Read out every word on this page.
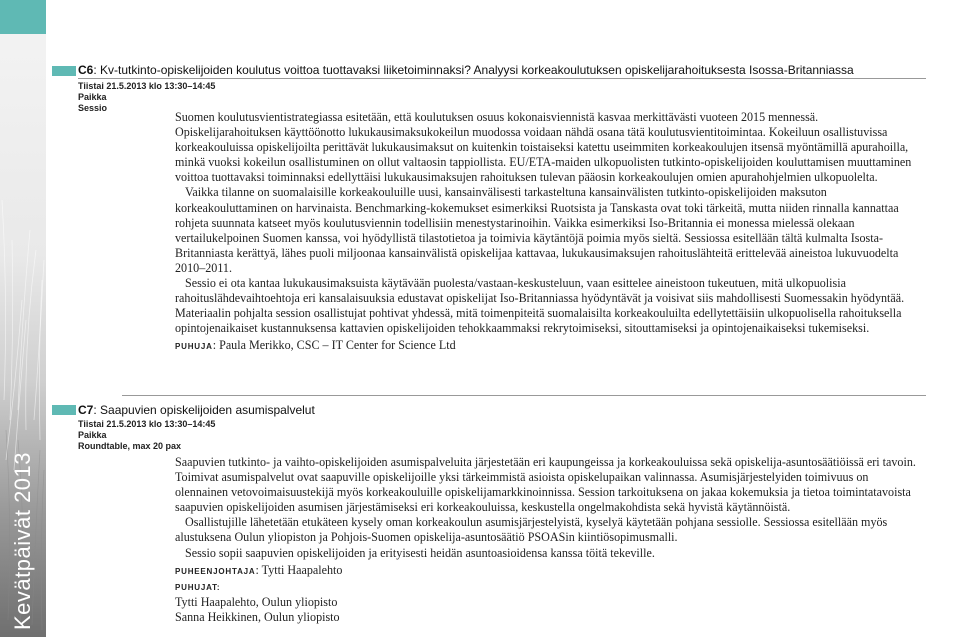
Kevätpäivät 2013
C6: Kv-tutkinto-opiskelijoiden koulutus voittoa tuottavaksi liiketoiminnaksi? Analyysi korkeakoulutuksen opiskelijarahoituksesta Isossa-Britanniassa
Tiistai 21.5.2013 klo 13:30–14:45
Paikka
Sessio

Suomen koulutusvientistrategiassa esitetään, että koulutuksen osuus kokonaisviennistä kasvaa merkittävästi vuoteen 2015 mennessä. Opiskelijarahoituksen käyttöönotto lukukausimaksukokeilun muodossa voidaan nähdä osana tätä koulutusvientitoimintaa. Kokeiluun osallistuvissa korkeakouluissa opiskelijoilta perittävät lukukausimaksut on kuitenkin toistaiseksi katettu useimmiten korkeakoulujen itsensä myöntämillä apurahoilla, minkä vuoksi kokeilun osallistuminen on ollut valtaosin tappiollista. EU/ETA-maiden ulkopuolisten tutkinto-opiskelijoiden kouluttamisen muuttaminen voittoa tuottavaksi toiminnaksi edellyttäisi lukukausimaksujen rahoituksen tulevan pääosin korkeakoulujen omien apurahohjelmien ulkopuolelta.

Vaikka tilanne on suomalaisille korkeakouluille uusi, kansainvälisesti tarkasteltuna kansainvälisten tutkinto-opiskelijoiden maksuton korkeakouluttaminen on harvinaista. Benchmarking-kokemukset esimerkiksi Ruotsista ja Tanskasta ovat toki tärkeitä, mutta niiden rinnalla kannattaa rohjeta suunnata katseet myös koulutusviennin todellisiin menestystarinoihin. Vaikka esimerkiksi Iso-Britannia ei monessa mielessä olekaan vertailukelpoinen Suomen kanssa, voi hyödyllistä tilastotietoa ja toimivia käytäntöjä poimia myös sieltä. Sessiossa esitellään tältä kulmalta Isosta-Britanniasta kerättyä, lähes puoli miljoonaa kansainvälistä opiskelijaa kattavaa, lukukausimaksujen rahoituslähteitä erittelevää aineistoa lukuvuodelta 2010–2011.

Sessio ei ota kantaa lukukausimaksuista käytävään puolesta/vastaan-keskusteluun, vaan esittelee aineistoon tukeutuen, mitä ulkopuolisia rahoituslähdevaihtoehtoja eri kansalaisuuksia edustavat opiskelijat Iso-Britanniassa hyödyntävät ja voisivat siis mahdollisesti Suomessakin hyödyntää. Materiaalin pohjalta session osallistujat pohtivat yhdessä, mitä toimenpiteitä suomalaisilta korkeakouluilta edellytettäisiin ulkopuolisella rahoituksella opintojenaikaiset kustannuksensa kattavien opiskelijoiden tehokkaammaksi rekrytoimiseksi, sitouttamiseksi ja opintojenaikaiseksi tukemiseksi.

PUHUJA: Paula Merikko, CSC – IT Center for Science Ltd

C7: Saapuvien opiskelijoiden asumispalvelut
Tiistai 21.5.2013 klo 13:30–14:45
Paikka
Roundtable, max 20 pax

Saapuvien tutkinto- ja vaihto-opiskelijoiden asumispalveluita järjestetään eri kaupungeissa ja korkeakouluissa sekä opiskelija-asuntosäätiöissä eri tavoin. Toimivat asumispalvelut ovat saapuville opiskelijoille yksi tärkeimmistä asioista opiskelupaikan valinnassa. Asumisjärjestelyiden toimivuus on olennainen vetovoimaisuustekijä myös korkeakouluille opiskelijamarkkinoinnissa. Session tarkoituksena on jakaa kokemuksia ja tietoa toimintatavoista saapuvien opiskelijoiden asumisen järjestämiseksi eri korkeakouluissa, keskustella ongelmakohdista sekä hyvistä käytännöistä.

Osallistujille lähetetään etukäteen kysely oman korkeakoulun asumisjärjestelyistä, kyselyä käytetään pohjana sessiolle. Sessiossa esitellään myös alustuksena Oulun yliopiston ja Pohjois-Suomen opiskelija-asuntosäätiö PSOASin kiintiösopimusmalli.

Sessio sopii saapuvien opiskelijoiden ja erityisesti heidän asuntoasioidensa kanssa töitä tekeville.

PUHEENJOHTAJA: Tytti Haapalehto

PUHUJAT:

Tytti Haapalehto, Oulun yliopisto

Sanna Heikkinen, Oulun yliopisto
